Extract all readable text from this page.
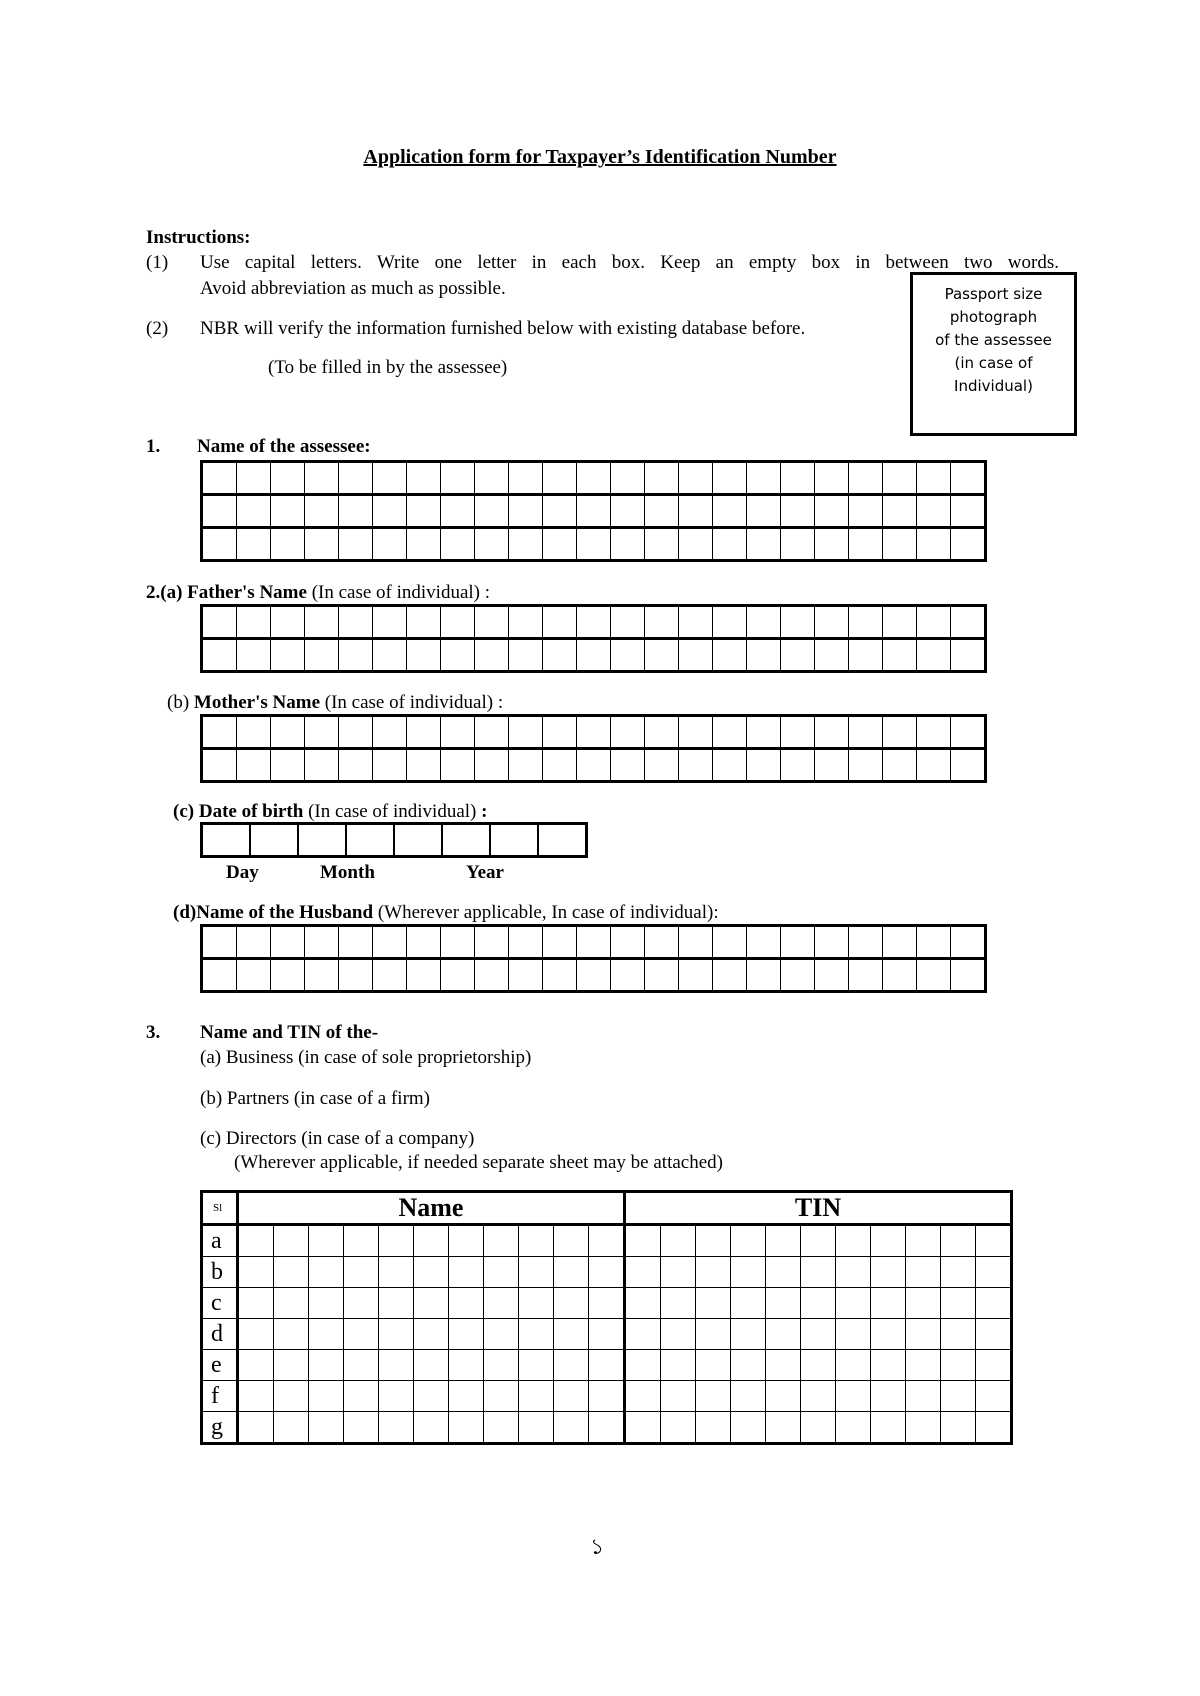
Application form for Taxpayer’s Identification Number
Instructions:
(1) Use capital letters. Write one letter in each box. Keep an empty box in between two words.
Avoid abbreviation as much as possible.
(2) NBR will verify the information furnished below with existing database before.
(To be filled in by the assessee)
Passport size
photograph
of the assessee
(in case of
Individual)
1. Name of the assessee:

2.(a) Father's Name (In case of individual) :

(b) Mother's Name (In case of individual) :

(c) Date of birth (In case of individual) :

Day	Month	Year
(d)Name of the Husband (Wherever applicable, In case of individual):

3. Name and TIN of the-
(a) Business (in case of sole proprietorship)
(b) Partners (in case of a firm)
(c) Directors (in case of a company)
(Wherever applicable, if needed separate sheet may be attached)
Sl	Name											TIN										
a																						
b																						
c																						
d																						
e																						
f																						
g																						
১
